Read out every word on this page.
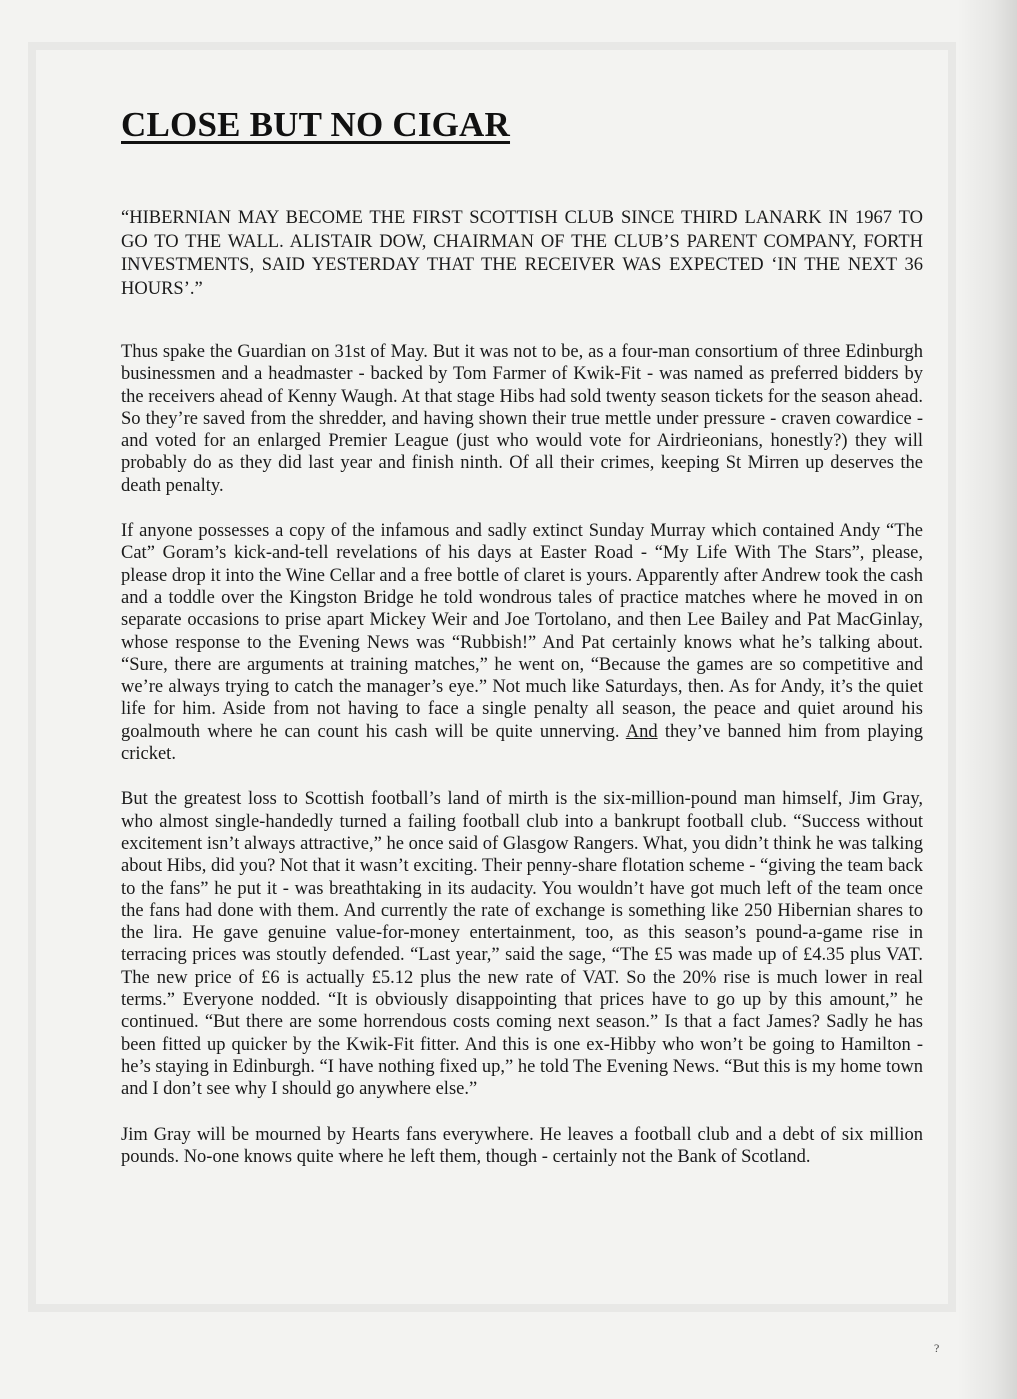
CLOSE BUT NO CIGAR

“HIBERNIAN MAY BECOME THE FIRST SCOTTISH CLUB SINCE THIRD LANARK IN 1967 TO GO TO THE WALL. ALISTAIR DOW, CHAIRMAN OF THE CLUB’S PARENT COMPANY, FORTH INVESTMENTS, SAID YESTERDAY THAT THE RECEIVER WAS EXPECTED ‘IN THE NEXT 36 HOURS’.”

Thus spake the Guardian on 31st of May. But it was not to be, as a four-man consortium of three Edinburgh businessmen and a headmaster - backed by Tom Farmer of Kwik-Fit - was named as preferred bidders by the receivers ahead of Kenny Waugh. At that stage Hibs had sold twenty season tickets for the season ahead. So they’re saved from the shredder, and having shown their true mettle under pressure - craven cowardice - and voted for an enlarged Premier League (just who would vote for Airdrieonians, honestly?) they will probably do as they did last year and finish ninth. Of all their crimes, keeping St Mirren up deserves the death penalty.

If anyone possesses a copy of the infamous and sadly extinct Sunday Murray which contained Andy “The Cat” Goram’s kick-and-tell revelations of his days at Easter Road - “My Life With The Stars”, please, please drop it into the Wine Cellar and a free bottle of claret is yours. Apparently after Andrew took the cash and a toddle over the Kingston Bridge he told wondrous tales of practice matches where he moved in on separate occasions to prise apart Mickey Weir and Joe Tortolano, and then Lee Bailey and Pat MacGinlay, whose response to the Evening News was “Rubbish!” And Pat certainly knows what he’s talking about. “Sure, there are arguments at training matches,” he went on, “Because the games are so competitive and we’re always trying to catch the manager’s eye.” Not much like Saturdays, then. As for Andy, it’s the quiet life for him. Aside from not having to face a single penalty all season, the peace and quiet around his goalmouth where he can count his cash will be quite unnerving. And they’ve banned him from playing cricket.

But the greatest loss to Scottish football’s land of mirth is the six-million-pound man himself, Jim Gray, who almost single-handedly turned a failing football club into a bankrupt football club. “Success without excitement isn’t always attractive,” he once said of Glasgow Rangers. What, you didn’t think he was talking about Hibs, did you? Not that it wasn’t exciting. Their penny-share flotation scheme - “giving the team back to the fans” he put it - was breathtaking in its audacity. You wouldn’t have got much left of the team once the fans had done with them. And currently the rate of exchange is something like 250 Hibernian shares to the lira. He gave genuine value-for-money entertainment, too, as this season’s pound-a-game rise in terracing prices was stoutly defended. “Last year,” said the sage, “The £5 was made up of £4.35 plus VAT. The new price of £6 is actually £5.12 plus the new rate of VAT. So the 20% rise is much lower in real terms.” Everyone nodded. “It is obviously disappointing that prices have to go up by this amount,” he continued. “But there are some horrendous costs coming next season.” Is that a fact James? Sadly he has been fitted up quicker by the Kwik-Fit fitter. And this is one ex-Hibby who won’t be going to Hamilton - he’s staying in Edinburgh. “I have nothing fixed up,” he told The Evening News. “But this is my home town and I don’t see why I should go anywhere else.”

Jim Gray will be mourned by Hearts fans everywhere. He leaves a football club and a debt of six million pounds. No-one knows quite where he left them, though - certainly not the Bank of Scotland.

?
